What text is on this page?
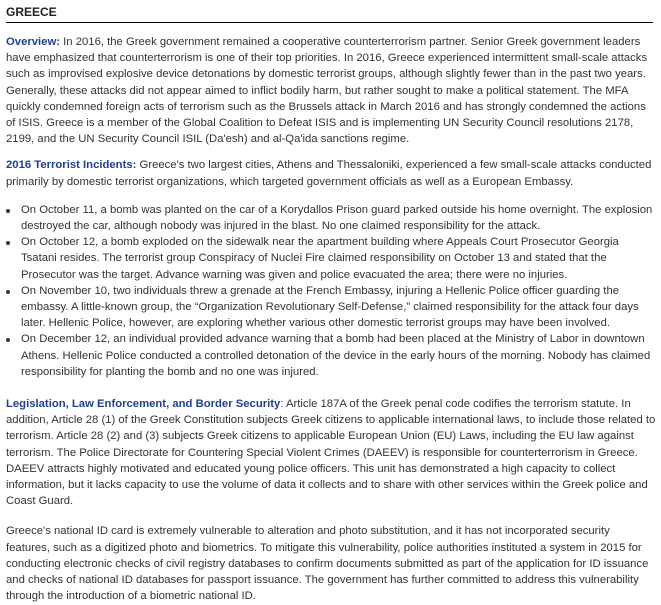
GREECE

Overview: In 2016, the Greek government remained a cooperative counterterrorism partner. Senior Greek government leaders have emphasized that counterterrorism is one of their top priorities. In 2016, Greece experienced intermittent small-scale attacks such as improvised explosive device detonations by domestic terrorist groups, although slightly fewer than in the past two years. Generally, these attacks did not appear aimed to inflict bodily harm, but rather sought to make a political statement. The MFA quickly condemned foreign acts of terrorism such as the Brussels attack in March 2016 and has strongly condemned the actions of ISIS. Greece is a member of the Global Coalition to Defeat ISIS and is implementing UN Security Council resolutions 2178, 2199, and the UN Security Council ISIL (Da'esh) and al-Qa'ida sanctions regime.

2016 Terrorist Incidents: Greece's two largest cities, Athens and Thessaloniki, experienced a few small-scale attacks conducted primarily by domestic terrorist organizations, which targeted government officials as well as a European Embassy.

On October 11, a bomb was planted on the car of a Korydallos Prison guard parked outside his home overnight. The explosion destroyed the car, although nobody was injured in the blast. No one claimed responsibility for the attack.
On October 12, a bomb exploded on the sidewalk near the apartment building where Appeals Court Prosecutor Georgia Tsatani resides. The terrorist group Conspiracy of Nuclei Fire claimed responsibility on October 13 and stated that the Prosecutor was the target. Advance warning was given and police evacuated the area; there were no injuries.
On November 10, two individuals threw a grenade at the French Embassy, injuring a Hellenic Police officer guarding the embassy. A little-known group, the “Organization Revolutionary Self-Defense,” claimed responsibility for the attack four days later. Hellenic Police, however, are exploring whether various other domestic terrorist groups may have been involved.
On December 12, an individual provided advance warning that a bomb had been placed at the Ministry of Labor in downtown Athens. Hellenic Police conducted a controlled detonation of the device in the early hours of the morning. Nobody has claimed responsibility for planting the bomb and no one was injured.

Legislation, Law Enforcement, and Border Security: Article 187A of the Greek penal code codifies the terrorism statute. In addition, Article 28 (1) of the Greek Constitution subjects Greek citizens to applicable international laws, to include those related to terrorism. Article 28 (2) and (3) subjects Greek citizens to applicable European Union (EU) Laws, including the EU law against terrorism. The Police Directorate for Countering Special Violent Crimes (DAEEV) is responsible for counterterrorism in Greece. DAEEV attracts highly motivated and educated young police officers. This unit has demonstrated a high capacity to collect information, but it lacks capacity to use the volume of data it collects and to share with other services within the Greek police and Coast Guard.

Greece's national ID card is extremely vulnerable to alteration and photo substitution, and it has not incorporated security features, such as a digitized photo and biometrics. To mitigate this vulnerability, police authorities instituted a system in 2015 for conducting electronic checks of civil registry databases to confirm documents submitted as part of the application for ID issuance and checks of national ID databases for passport issuance. The government has further committed to address this vulnerability through the introduction of a biometric national ID.
